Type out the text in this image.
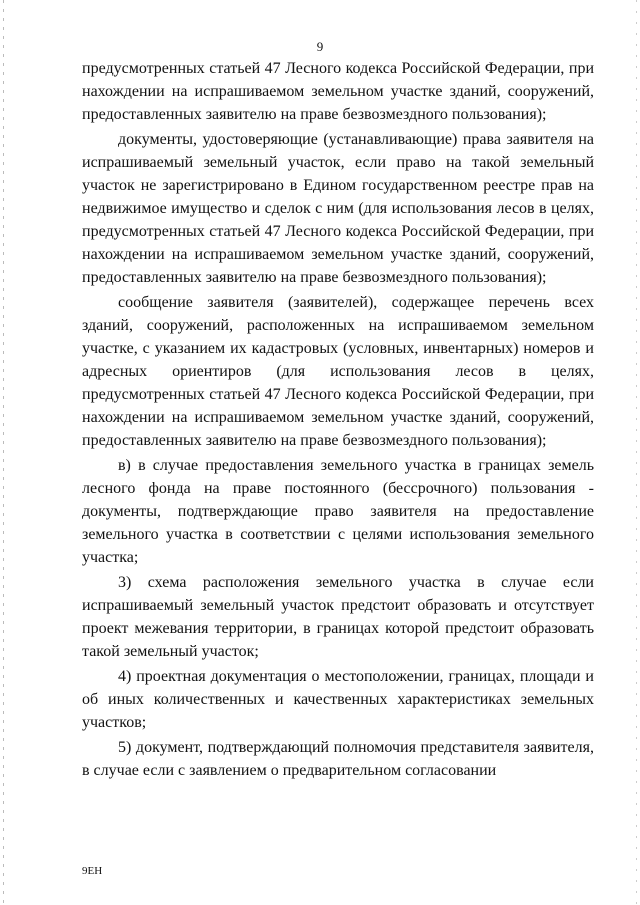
9

предусмотренных статьей 47 Лесного кодекса Российской Федерации, при нахождении на испрашиваемом земельном участке зданий, сооружений, предоставленных заявителю на праве безвозмездного пользования);

документы, удостоверяющие (устанавливающие) права заявителя на испрашиваемый земельный участок, если право на такой земельный участок не зарегистрировано в Едином государственном реестре прав на недвижимое имущество и сделок с ним (для использования лесов в целях, предусмотренных статьей 47 Лесного кодекса Российской Федерации, при нахождении на испрашиваемом земельном участке зданий, сооружений, предоставленных заявителю на праве безвозмездного пользования);

сообщение заявителя (заявителей), содержащее перечень всех зданий, сооружений, расположенных на испрашиваемом земельном участке, с указанием их кадастровых (условных, инвентарных) номеров и адресных ориентиров (для использования лесов в целях, предусмотренных статьей 47 Лесного кодекса Российской Федерации, при нахождении на испрашиваемом земельном участке зданий, сооружений, предоставленных заявителю на праве безвозмездного пользования);

в) в случае предоставления земельного участка в границах земель лесного фонда на праве постоянного (бессрочного) пользования - документы, подтверждающие право заявителя на предоставление земельного участка в соответствии с целями использования земельного участка;

3) схема расположения земельного участка в случае если испрашиваемый земельный участок предстоит образовать и отсутствует проект межевания территории, в границах которой предстоит образовать такой земельный участок;

4) проектная документация о местоположении, границах, площади и об иных количественных и качественных характеристиках земельных участков;

5) документ, подтверждающий полномочия представителя заявителя, в случае если с заявлением о предварительном согласовании

9ЕН
